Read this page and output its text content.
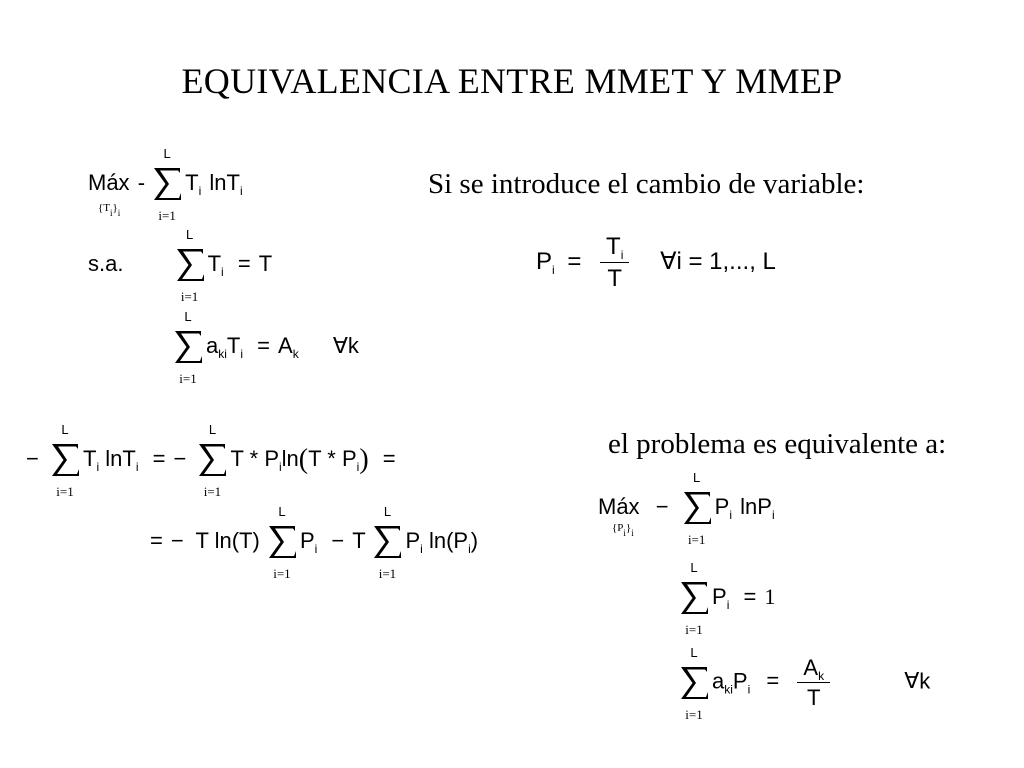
EQUIVALENCIA ENTRE MMET Y MMEP
Máx -
L
i=1
$T_i$ lnT$_i$
$\{T_i\}_i$
s.a.
L
i=1
$T_i = T$
L
i=1
$a_{ki}T_i = A_k$ ∀k
Si se introduce el cambio de variable:
$P_i = \frac{T_i}{T}$ ∀i = 1,..., L
−
L
i=1
$T_i$ lnT$_i$ = −
L
i=1
T * $P_i\ln(T * P_i)$ =
= − T ln(T)
L
i=1
$P_i - T$
L
i=1
$P_i$ $\ln(P_i)$
el problema es equivalente a:
Máx −
L
i=1
$P_i$ lnP$_i$
$\{P_i\}_i$
L
i=1
$P_i = 1$
L
i=1
$a_{ki}P_i = \frac{A_k}{T}$	∀k
